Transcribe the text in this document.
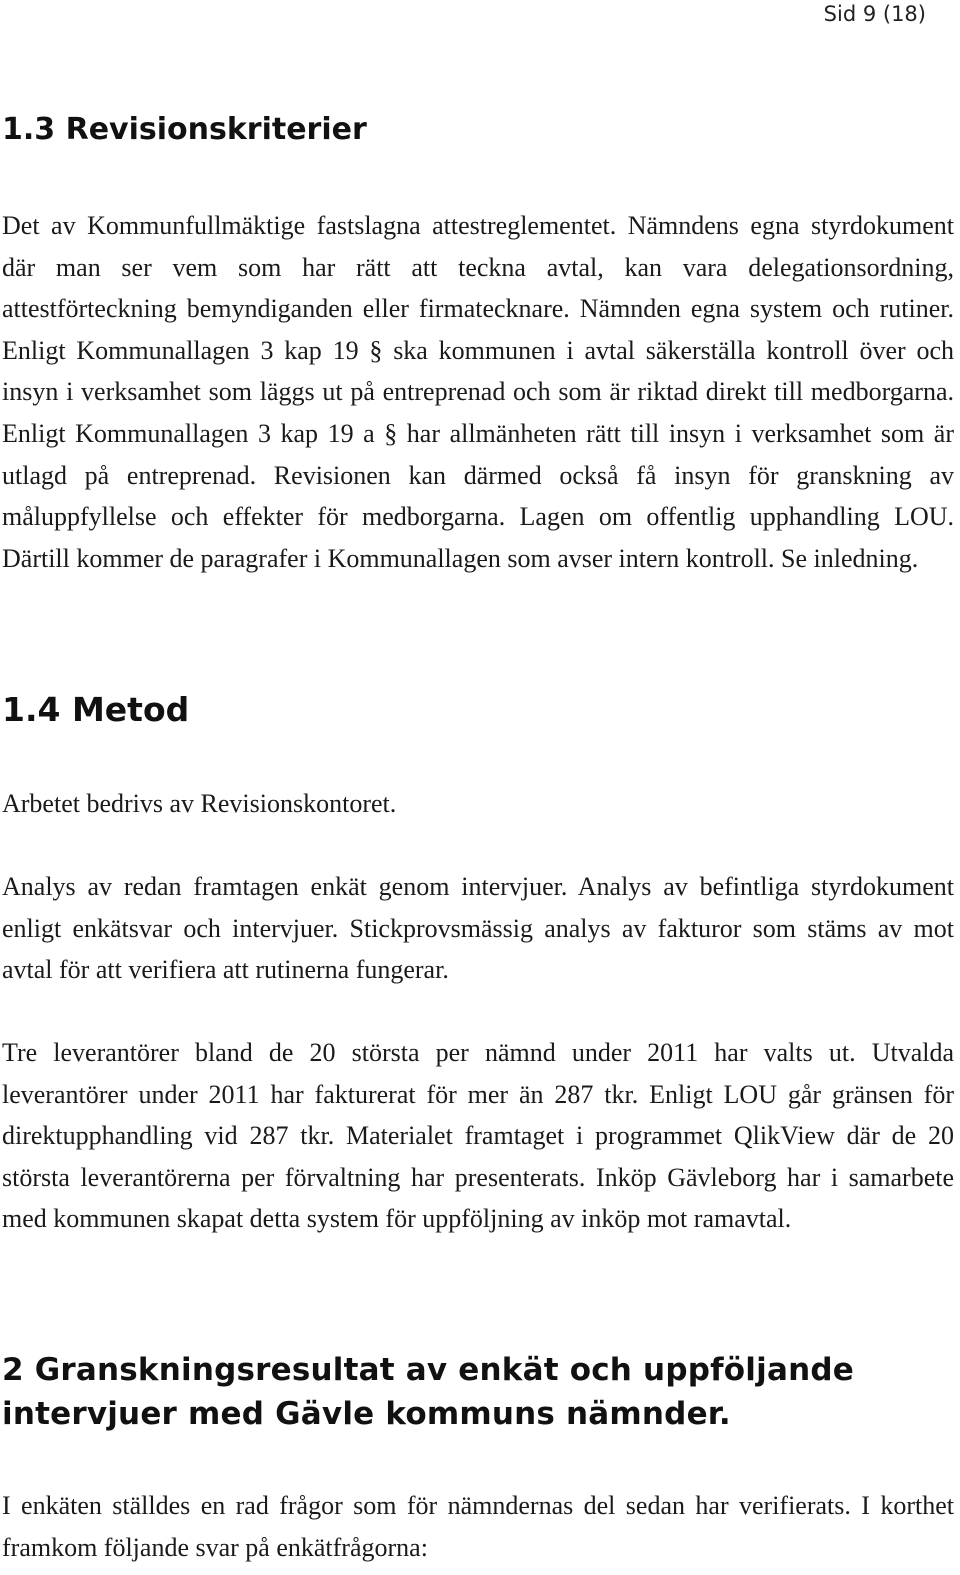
Sid 9 (18)
1.3 Revisionskriterier

Det av Kommunfullmäktige fastslagna attestreglementet. Nämndens egna styrdokument där man ser vem som har rätt att teckna avtal, kan vara delegationsordning, attestförteckning bemyndiganden eller firmatecknare. Nämnden egna system och rutiner. Enligt Kommunallagen 3 kap 19 § ska kommunen i avtal säkerställa kontroll över och insyn i verksamhet som läggs ut på entreprenad och som är riktad direkt till medborgarna. Enligt Kommunallagen 3 kap 19 a § har allmänheten rätt till insyn i verksamhet som är utlagd på entreprenad. Revisionen kan därmed också få insyn för granskning av måluppfyllelse och effekter för medborgarna. Lagen om offentlig upphandling LOU. Därtill kommer de paragrafer i Kommunallagen som avser intern kontroll. Se inledning.

1.4 Metod

Arbetet bedrivs av Revisionskontoret.

Analys av redan framtagen enkät genom intervjuer. Analys av befintliga styrdokument enligt enkätsvar och intervjuer. Stickprovsmässig analys av fakturor som stäms av mot avtal för att verifiera att rutinerna fungerar.

Tre leverantörer bland de 20 största per nämnd under 2011 har valts ut. Utvalda leverantörer under 2011 har fakturerat för mer än 287 tkr. Enligt LOU går gränsen för direktupphandling vid 287 tkr. Materialet framtaget i programmet QlikView där de 20 största leverantörerna per förvaltning har presenterats. Inköp Gävleborg har i samarbete med kommunen skapat detta system för uppföljning av inköp mot ramavtal.

2 Granskningsresultat av enkät och uppföljande intervjuer med Gävle kommuns nämnder.

I enkäten ställdes en rad frågor som för nämndernas del sedan har verifierats. I korthet framkom följande svar på enkätfrågorna:
